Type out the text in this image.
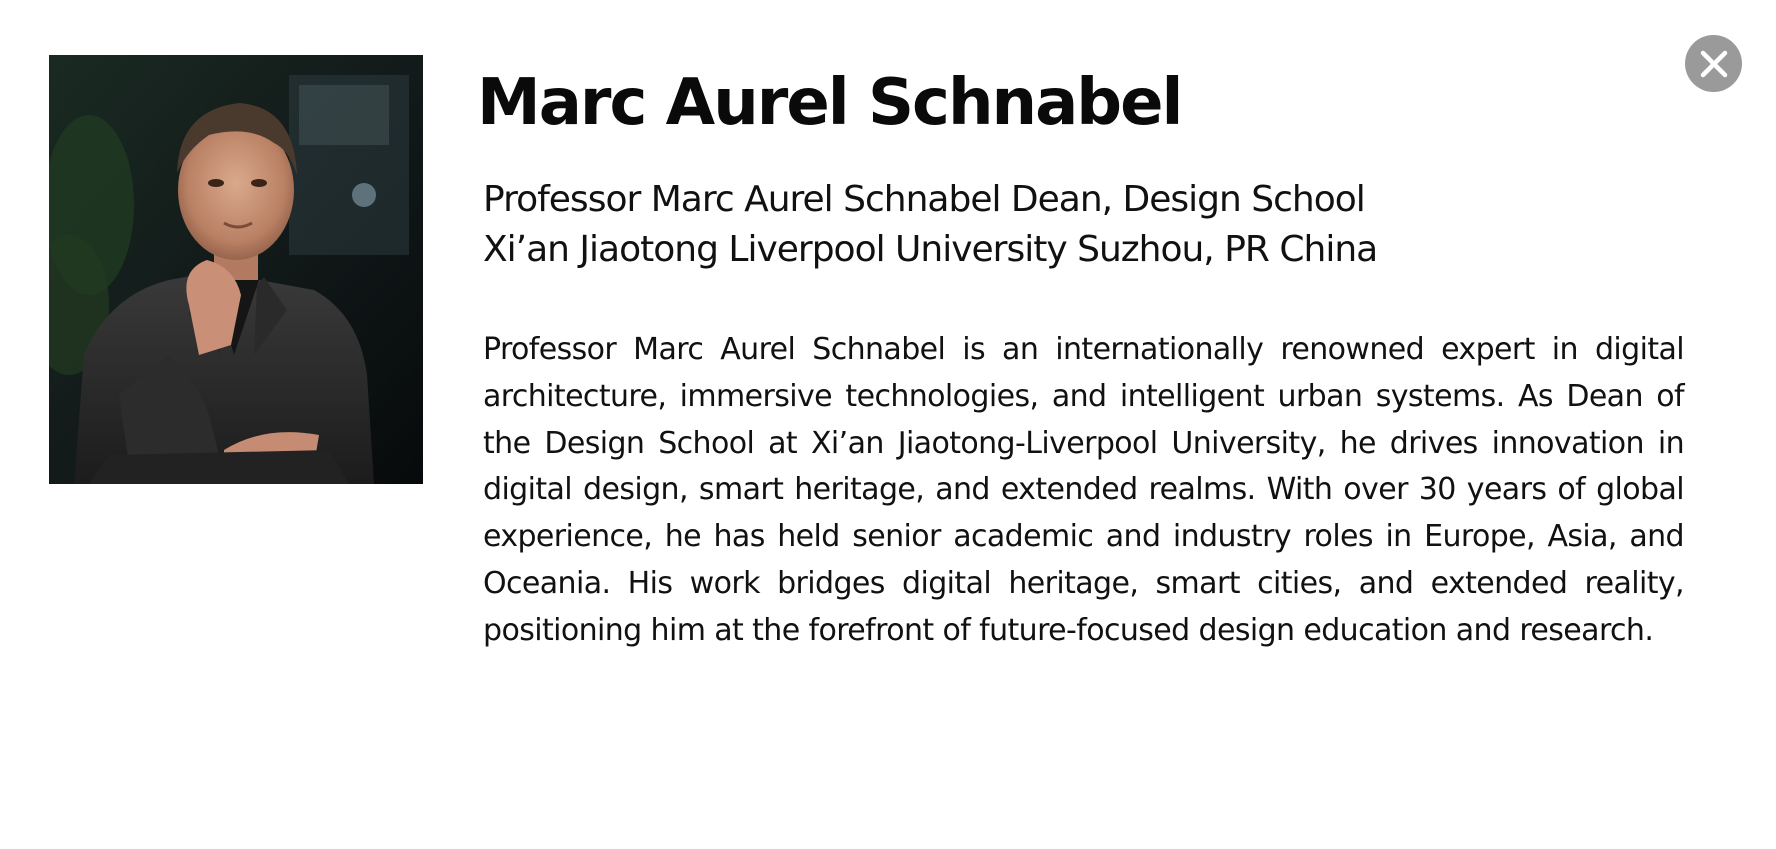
Marc Aurel Schnabel
Professor Marc Aurel Schnabel Dean, Design School
Xi’an Jiaotong Liverpool University Suzhou, PR China

Professor Marc Aurel Schnabel is an internationally renowned expert in digital architecture, immersive technologies, and intelligent urban systems. As Dean of the Design School at Xi’an Jiaotong-Liverpool University, he drives innovation in digital design, smart heritage, and extended realms. With over 30 years of global experience, he has held senior academic and industry roles in Europe, Asia, and Oceania. His work bridges digital heritage, smart cities, and extended reality, positioning him at the forefront of future-focused design education and research.
